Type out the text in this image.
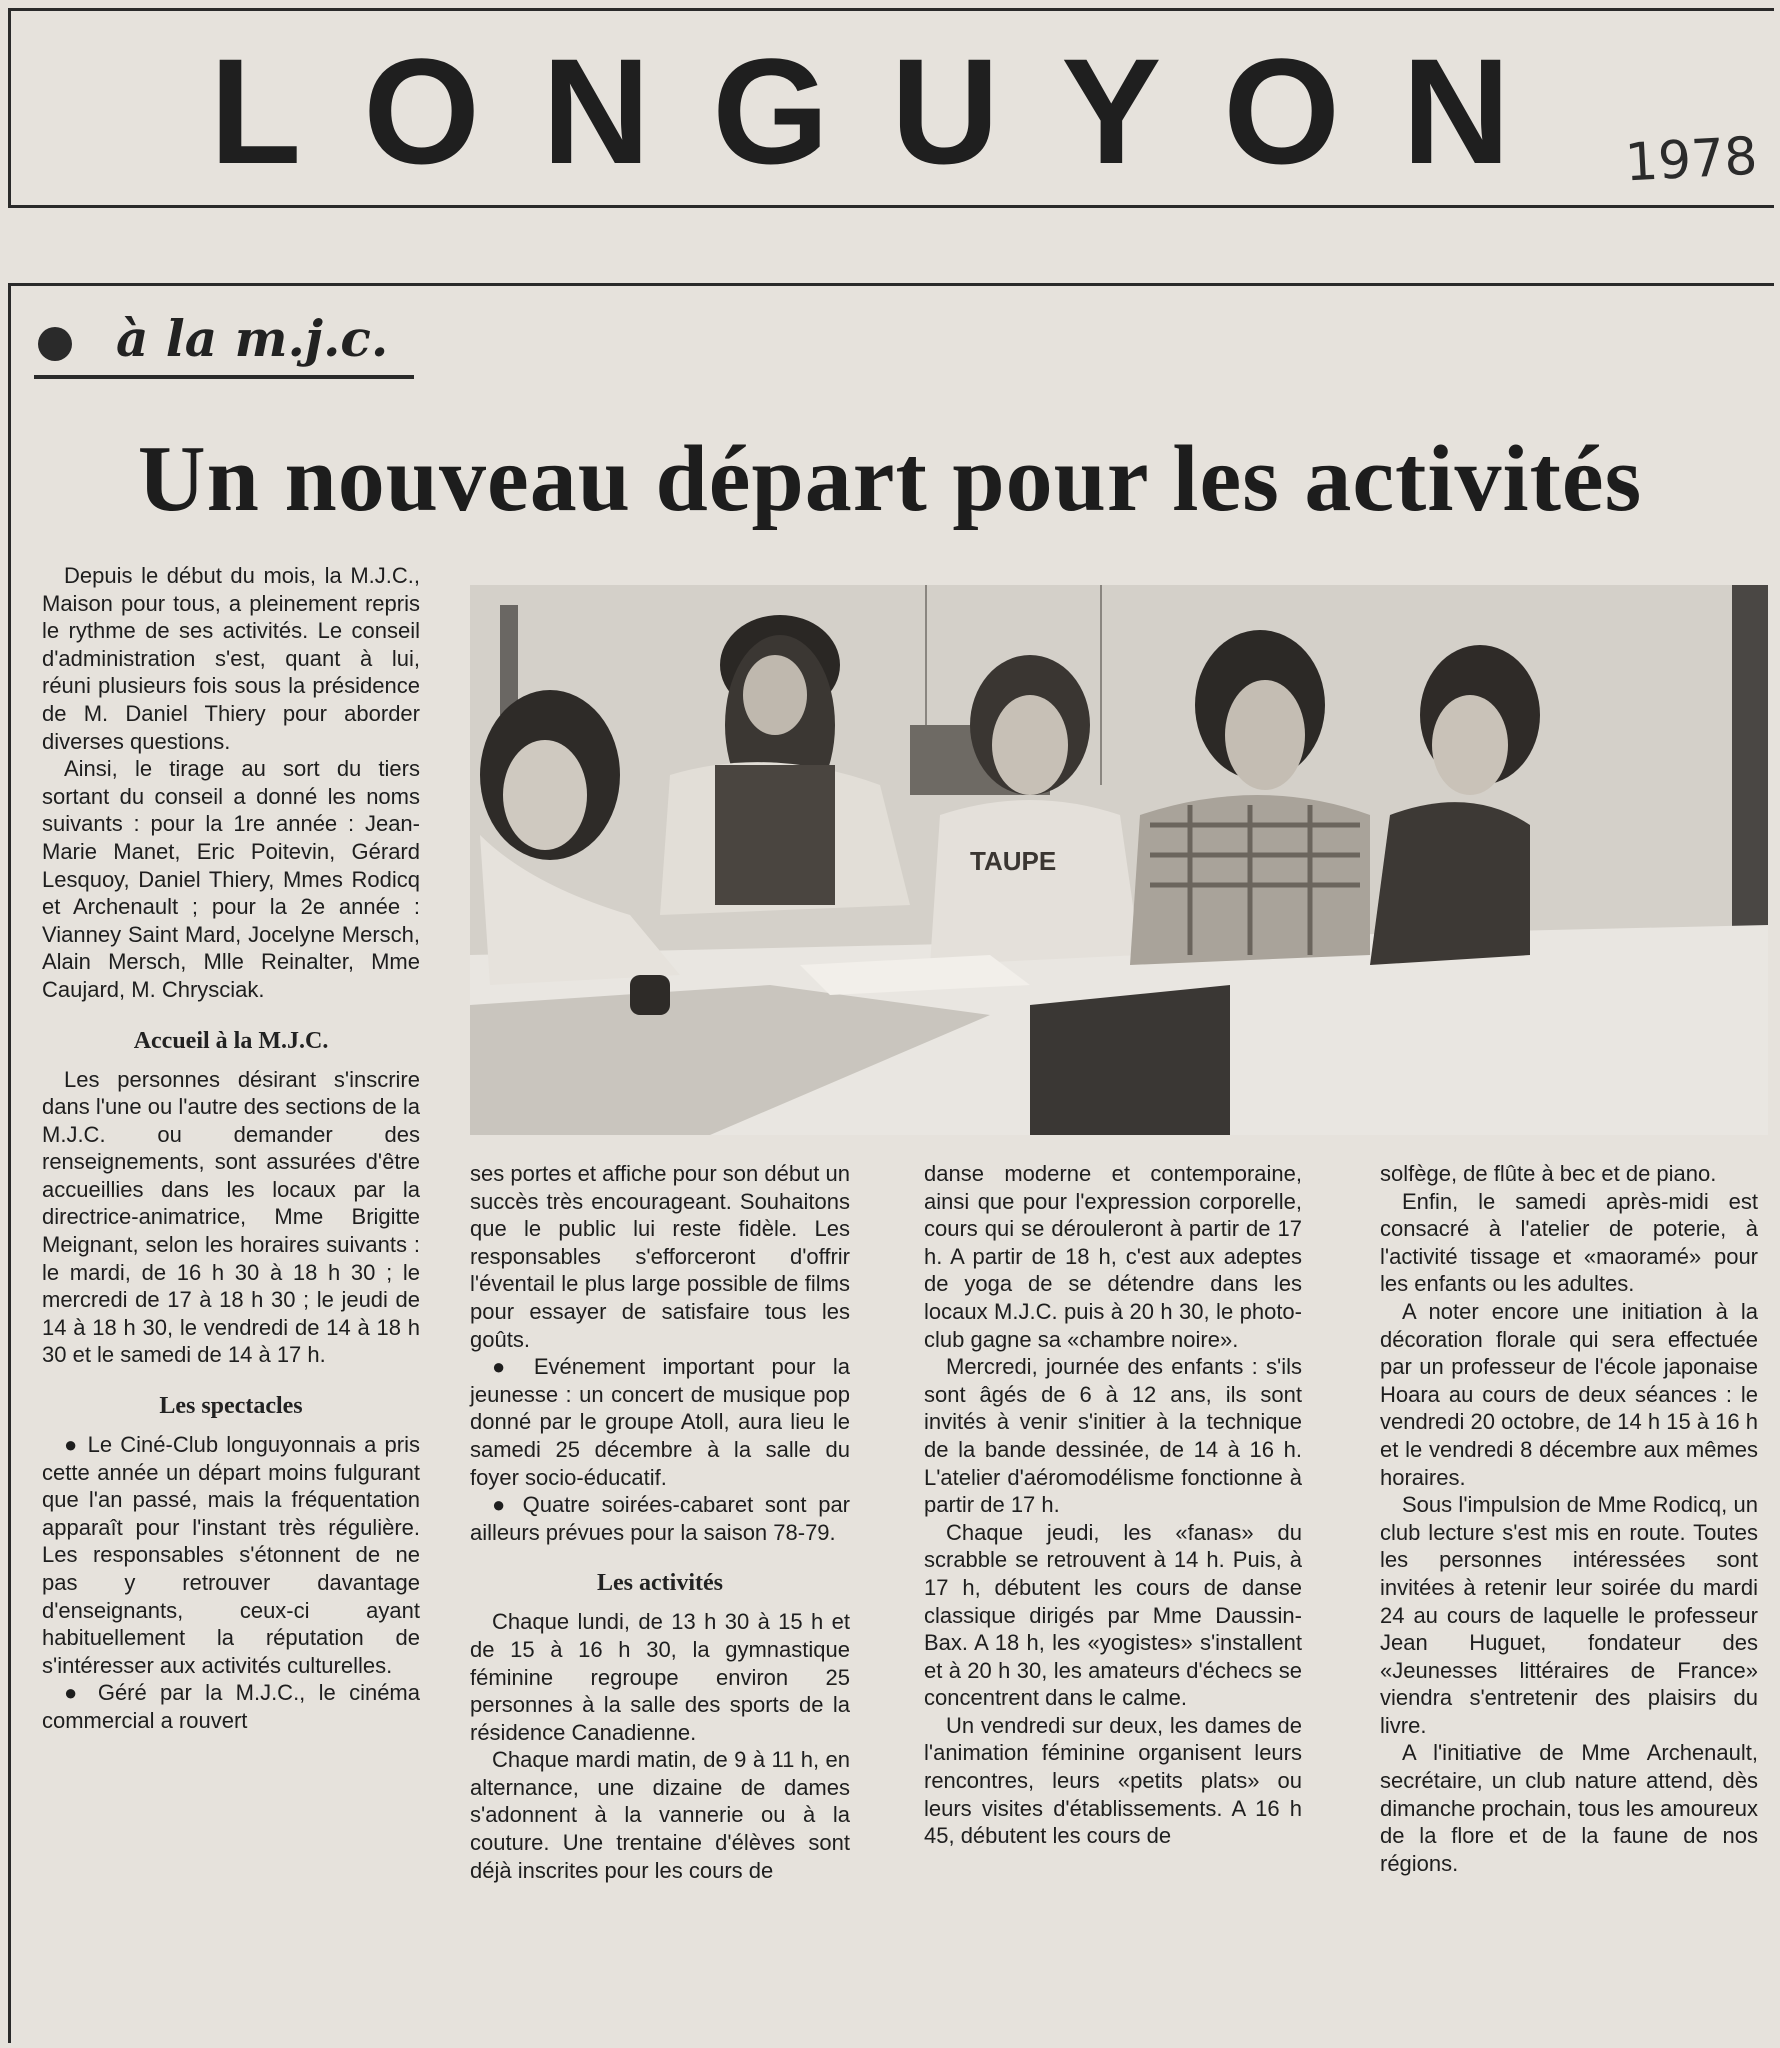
LONGUYON 1978
à la m.j.c.
Un nouveau départ pour les activités
TAUPE

Depuis le début du mois, la M.J.C., Maison pour tous, a pleinement repris le rythme de ses activités. Le conseil d'administration s'est, quant à lui, réuni plusieurs fois sous la présidence de M. Daniel Thiery pour aborder diverses questions.

Ainsi, le tirage au sort du tiers sortant du conseil a donné les noms suivants : pour la 1re année : Jean-Marie Manet, Eric Poitevin, Gérard Lesquoy, Daniel Thiery, Mmes Rodicq et Archenault ; pour la 2e année : Vianney Saint Mard, Jocelyne Mersch, Alain Mersch, Mlle Reinalter, Mme Caujard, M. Chrysciak.

Accueil à la M.J.C.

Les personnes désirant s'inscrire dans l'une ou l'autre des sections de la M.J.C. ou demander des renseignements, sont assurées d'être accueillies dans les locaux par la directrice-animatrice, Mme Brigitte Meignant, selon les horaires suivants : le mardi, de 16 h 30 à 18 h 30 ; le mercredi de 17 à 18 h 30 ; le jeudi de 14 à 18 h 30, le vendredi de 14 à 18 h 30 et le samedi de 14 à 17 h.

Les spectacles

● Le Ciné-Club longuyonnais a pris cette année un départ moins fulgurant que l'an passé, mais la fréquentation apparaît pour l'instant très régulière. Les responsables s'étonnent de ne pas y retrouver davantage d'enseignants, ceux-ci ayant habituellement la réputation de s'intéresser aux activités culturelles.

● Géré par la M.J.C., le cinéma commercial a rouvert

ses portes et affiche pour son début un succès très encourageant. Souhaitons que le public lui reste fidèle. Les responsables s'efforceront d'offrir l'éventail le plus large possible de films pour essayer de satisfaire tous les goûts.

● Evénement important pour la jeunesse : un concert de musique pop donné par le groupe Atoll, aura lieu le samedi 25 décembre à la salle du foyer socio-éducatif.

● Quatre soirées-cabaret sont par ailleurs prévues pour la saison 78-79.

Les activités

Chaque lundi, de 13 h 30 à 15 h et de 15 à 16 h 30, la gymnastique féminine regroupe environ 25 personnes à la salle des sports de la résidence Canadienne.

Chaque mardi matin, de 9 à 11 h, en alternance, une dizaine de dames s'adonnent à la vannerie ou à la couture. Une trentaine d'élèves sont déjà inscrites pour les cours de

danse moderne et contemporaine, ainsi que pour l'expression corporelle, cours qui se dérouleront à partir de 17 h. A partir de 18 h, c'est aux adeptes de yoga de se détendre dans les locaux M.J.C. puis à 20 h 30, le photo-club gagne sa «chambre noire».

Mercredi, journée des enfants : s'ils sont âgés de 6 à 12 ans, ils sont invités à venir s'initier à la technique de la bande dessinée, de 14 à 16 h. L'atelier d'aéromodélisme fonctionne à partir de 17 h.

Chaque jeudi, les «fanas» du scrabble se retrouvent à 14 h. Puis, à 17 h, débutent les cours de danse classique dirigés par Mme Daussin-Bax. A 18 h, les «yogistes» s'installent et à 20 h 30, les amateurs d'échecs se concentrent dans le calme.

Un vendredi sur deux, les dames de l'animation féminine organisent leurs rencontres, leurs «petits plats» ou leurs visites d'établissements. A 16 h 45, débutent les cours de

solfège, de flûte à bec et de piano.

Enfin, le samedi après-midi est consacré à l'atelier de poterie, à l'activité tissage et «maoramé» pour les enfants ou les adultes.

A noter encore une initiation à la décoration florale qui sera effectuée par un professeur de l'école japonaise Hoara au cours de deux séances : le vendredi 20 octobre, de 14 h 15 à 16 h et le vendredi 8 décembre aux mêmes horaires.

Sous l'impulsion de Mme Rodicq, un club lecture s'est mis en route. Toutes les personnes intéressées sont invitées à retenir leur soirée du mardi 24 au cours de laquelle le professeur Jean Huguet, fondateur des «Jeunesses littéraires de France» viendra s'entretenir des plaisirs du livre.

A l'initiative de Mme Archenault, secrétaire, un club nature attend, dès dimanche prochain, tous les amoureux de la flore et de la faune de nos régions.
